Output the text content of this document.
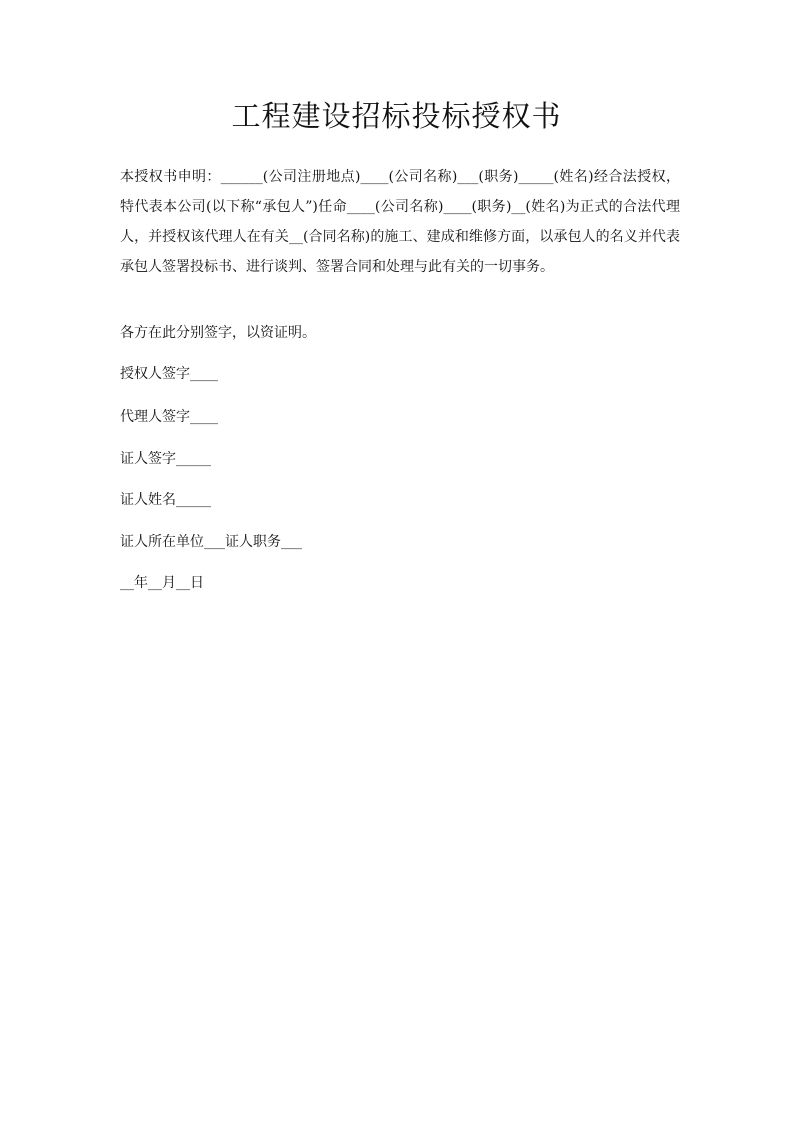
工程建设招标投标授权书

本授权书申明：______(公司注册地点)____(公司名称)___(职务)_____(姓名)经合法授权，特代表本公司(以下称“承包人”)任命____(公司名称)____(职务)__(姓名)为正式的合法代理人，并授权该代理人在有关__(合同名称)的施工、建成和维修方面，以承包人的名义并代表承包人签署投标书、进行谈判、签署合同和处理与此有关的一切事务。

各方在此分别签字，以资证明。

授权人签字____

代理人签字____

证人签字_____

证人姓名_____

证人所在单位___证人职务___

__年__月__日
